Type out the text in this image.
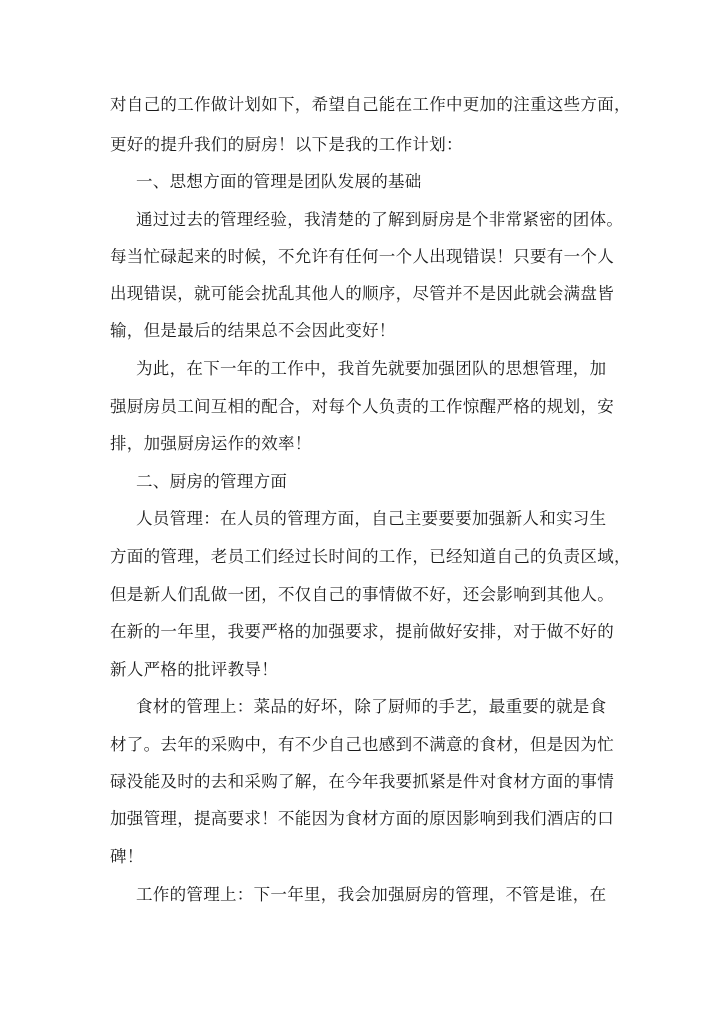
对自己的工作做计划如下，希望自己能在工作中更加的注重这些方面，

更好的提升我们的厨房！以下是我的工作计划：

一、思想方面的管理是团队发展的基础

通过过去的管理经验，我清楚的了解到厨房是个非常紧密的团体。

每当忙碌起来的时候，不允许有任何一个人出现错误！只要有一个人

出现错误，就可能会扰乱其他人的顺序，尽管并不是因此就会满盘皆

输，但是最后的结果总不会因此变好！

为此，在下一年的工作中，我首先就要加强团队的思想管理，加

强厨房员工间互相的配合，对每个人负责的工作惊醒严格的规划，安

排，加强厨房运作的效率！

二、厨房的管理方面

人员管理：在人员的管理方面，自己主要要要加强新人和实习生

方面的管理，老员工们经过长时间的工作，已经知道自己的负责区域，

但是新人们乱做一团，不仅自己的事情做不好，还会影响到其他人。

在新的一年里，我要严格的加强要求，提前做好安排，对于做不好的

新人严格的批评教导！

食材的管理上：菜品的好坏，除了厨师的手艺，最重要的就是食

材了。去年的采购中，有不少自己也感到不满意的食材，但是因为忙

碌没能及时的去和采购了解，在今年我要抓紧是件对食材方面的事情

加强管理，提高要求！不能因为食材方面的原因影响到我们酒店的口

碑！

工作的管理上：下一年里，我会加强厨房的管理，不管是谁，在
